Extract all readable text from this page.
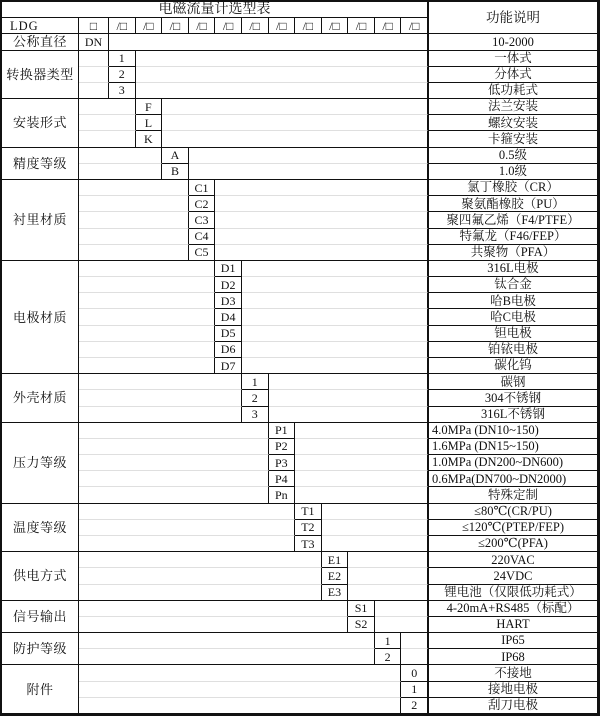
电磁流量计选型表
功能说明
LDG	□	/□	/□	/□	/□	/□	/□	/□	/□	/□	/□	/□	/□
公称直径	DN	10-2000
转换器类型
1	一体式
2	分体式
3	低功耗式
安装形式
F	法兰安装
L	螺纹安装
K	卡箍安装
精度等级
A	0.5级
B	1.0级
衬里材质
C1	氯丁橡胶（CR）
C2	聚氨酯橡胶（PU）
C3	聚四氟乙烯（F4/PTFE）
C4	特氟龙（F46/FEP）
C5	共聚物（PFA）
电极材质
D1	316L电极
D2	钛合金
D3	哈B电极
D4	哈C电极
D5	钽电极
D6	铂铱电极
D7	碳化钨
外壳材质
1	碳钢
2	304不锈钢
3	316L不锈钢
压力等级
P1	4.0MPa (DN10~150)
P2	1.6MPa (DN15~150)
P3	1.0MPa (DN200~DN600)
P4	0.6MPa(DN700~DN2000)
Pn	特殊定制
温度等级
T1	≤80℃(CR/PU)
T2	≤120℃(PTEP/FEP)
T3	≤200℃(PFA)
供电方式
E1	220VAC
E2	24VDC
E3	锂电池（仅限低功耗式）
信号输出
S1	4-20mA+RS485（标配）
S2	HART
防护等级
1	IP65
2	IP68
附件
0	不接地
1	接地电极
2	刮刀电极
